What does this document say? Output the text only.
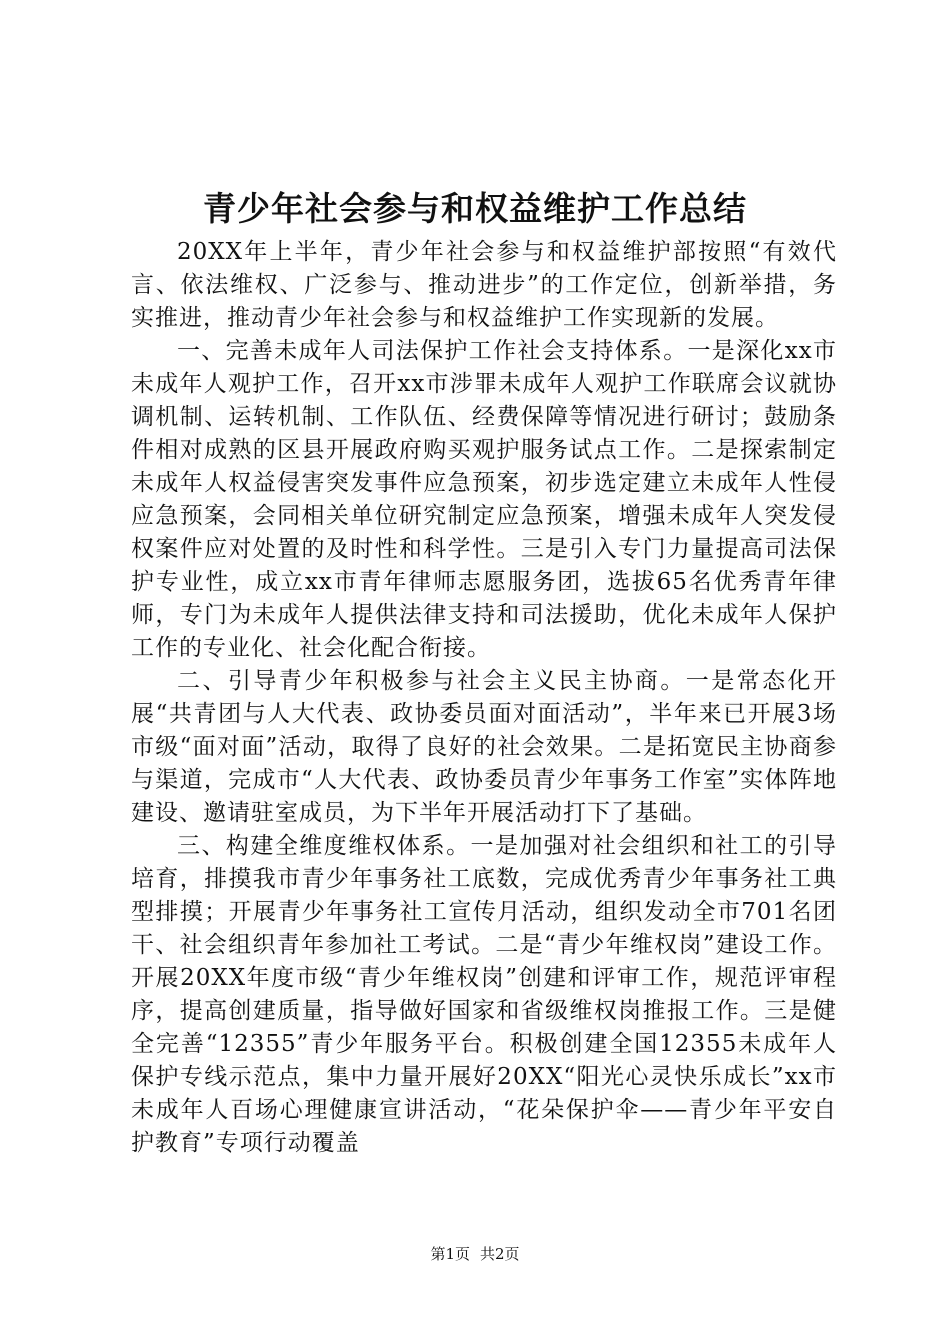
青少年社会参与和权益维护工作总结

20XX年上半年，青少年社会参与和权益维护部按照“有效代言、依法维权、广泛参与、推动进步”的工作定位，创新举措，务实推进，推动青少年社会参与和权益维护工作实现新的发展。

一、完善未成年人司法保护工作社会支持体系。一是深化xx市未成年人观护工作，召开xx市涉罪未成年人观护工作联席会议就协调机制、运转机制、工作队伍、经费保障等情况进行研讨；鼓励条件相对成熟的区县开展政府购买观护服务试点工作。二是探索制定未成年人权益侵害突发事件应急预案，初步选定建立未成年人性侵应急预案，会同相关单位研究制定应急预案，增强未成年人突发侵权案件应对处置的及时性和科学性。三是引入专门力量提高司法保护专业性，成立xx市青年律师志愿服务团，选拔65名优秀青年律师，专门为未成年人提供法律支持和司法援助，优化未成年人保护工作的专业化、社会化配合衔接。

二、引导青少年积极参与社会主义民主协商。一是常态化开展“共青团与人大代表、政协委员面对面活动”，半年来已开展3场市级“面对面”活动，取得了良好的社会效果。二是拓宽民主协商参与渠道，完成市“人大代表、政协委员青少年事务工作室”实体阵地建设、邀请驻室成员，为下半年开展活动打下了基础。

三、构建全维度维权体系。一是加强对社会组织和社工的引导培育，排摸我市青少年事务社工底数，完成优秀青少年事务社工典型排摸；开展青少年事务社工宣传月活动，组织发动全市701名团干、社会组织青年参加社工考试。二是“青少年维权岗”建设工作。开展20XX年度市级“青少年维权岗”创建和评审工作，规范评审程序，提高创建质量，指导做好国家和省级维权岗推报工作。三是健全完善“12355”青少年服务平台。积极创建全国12355未成年人保护专线示范点，集中力量开展好20XX“阳光心灵快乐成长”xx市未成年人百场心理健康宣讲活动，“花朵保护伞——青少年平安自护教育”专项行动覆盖

第1页 共2页
